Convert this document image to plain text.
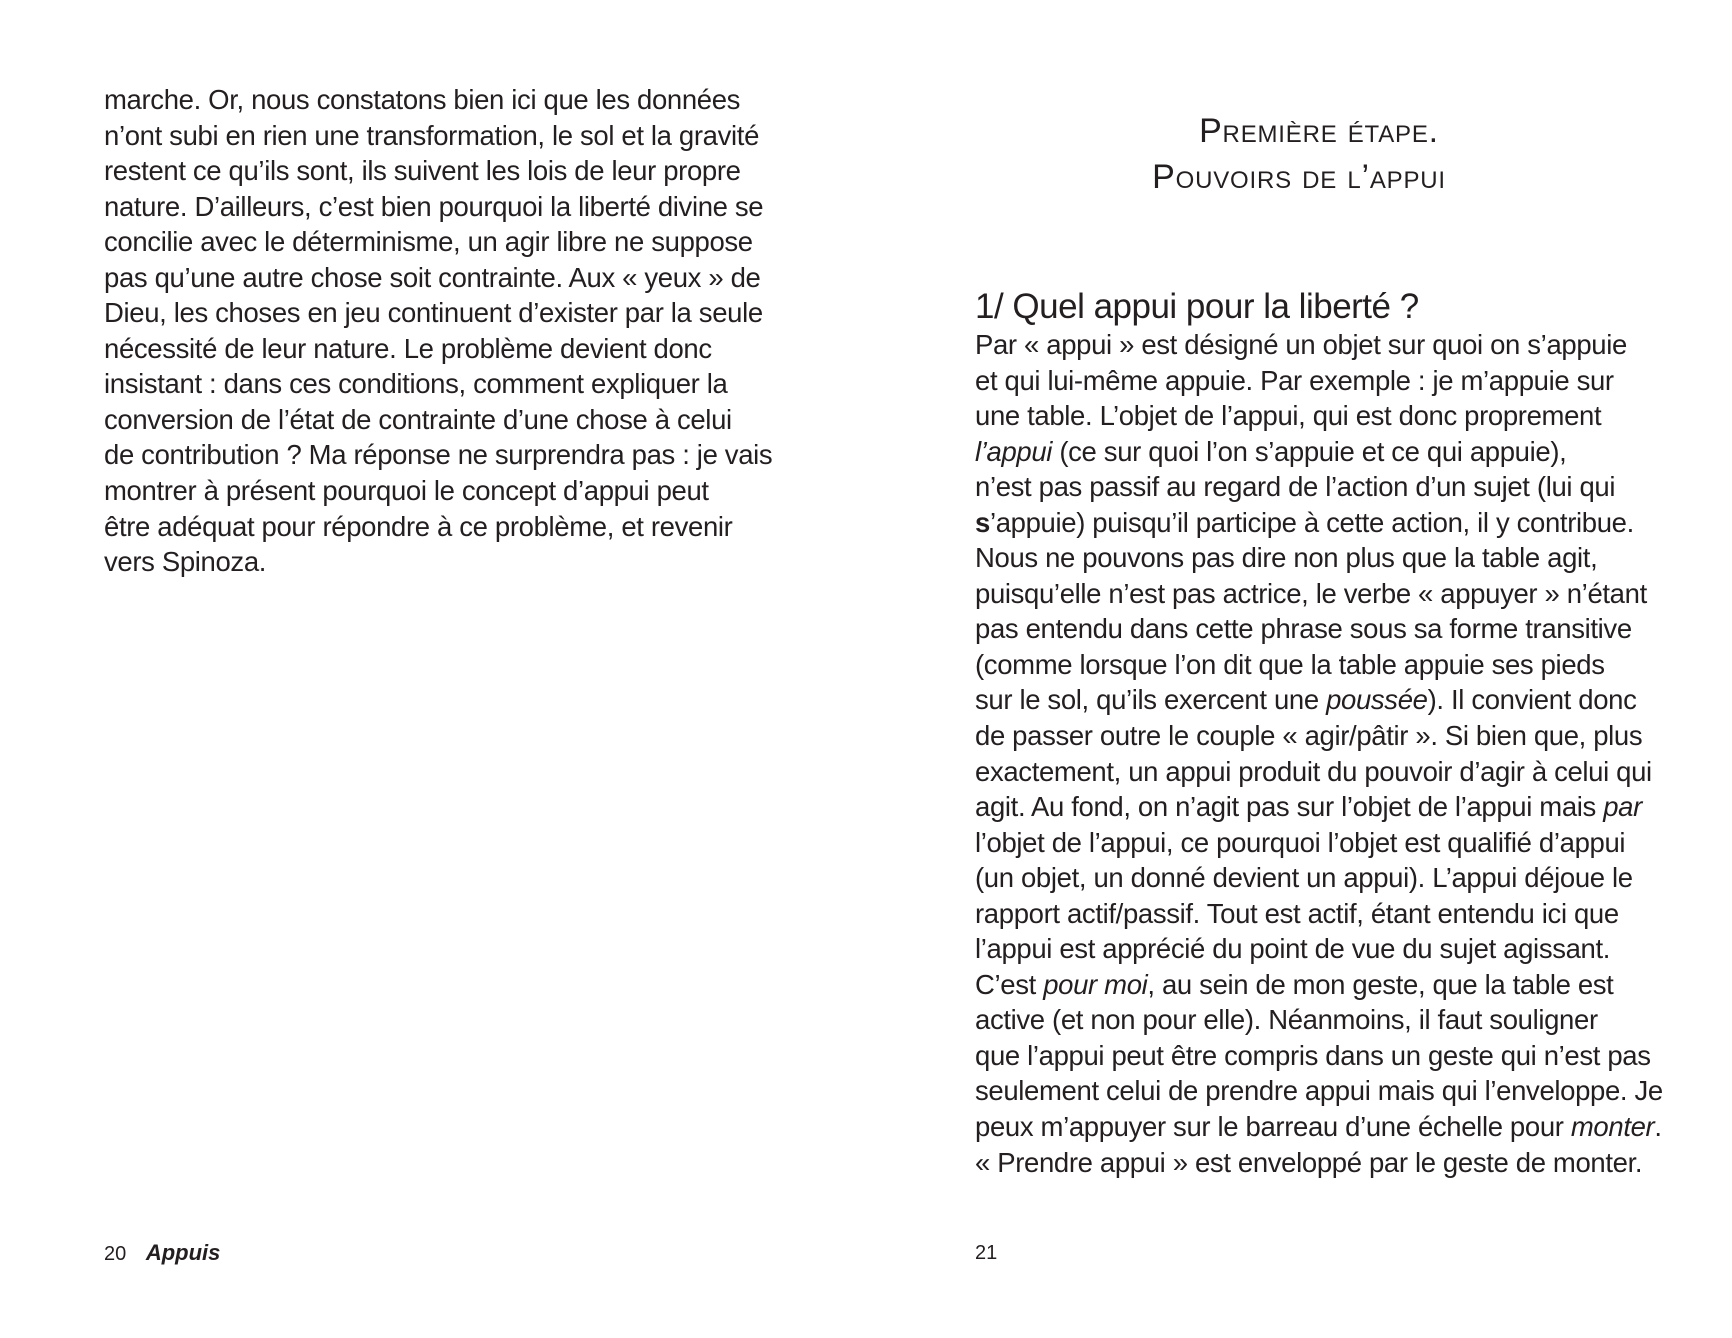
marche. Or, nous constatons bien ici que les données
n’ont subi en rien une transformation, le sol et la gravité
restent ce qu’ils sont, ils suivent les lois de leur propre
nature. D’ailleurs, c’est bien pourquoi la liberté divine se
concilie avec le déterminisme, un agir libre ne suppose
pas qu’une autre chose soit contrainte. Aux « yeux » de
Dieu, les choses en jeu continuent d’exister par la seule
nécessité de leur nature. Le problème devient donc
insistant : dans ces conditions, comment expliquer la
conversion de l’état de contrainte d’une chose à celui
de contribution ? Ma réponse ne surprendra pas : je vais
montrer à présent pourquoi le concept d’appui peut
être adéquat pour répondre à ce problème, et revenir
vers Spinoza.
20 Appuis
Première étape.
Pouvoirs de l’appui
1/ Quel appui pour la liberté ?
Par « appui » est désigné un objet sur quoi on s’appuie
et qui lui-même appuie. Par exemple : je m’appuie sur
une table. L’objet de l’appui, qui est donc proprement
l’appui (ce sur quoi l’on s’appuie et ce qui appuie),
n’est pas passif au regard de l’action d’un sujet (lui qui
s’appuie) puisqu’il participe à cette action, il y contribue.
Nous ne pouvons pas dire non plus que la table agit,
puisqu’elle n’est pas actrice, le verbe « appuyer » n’étant
pas entendu dans cette phrase sous sa forme transitive
(comme lorsque l’on dit que la table appuie ses pieds
sur le sol, qu’ils exercent une poussée). Il convient donc
de passer outre le couple « agir/pâtir ». Si bien que, plus
exactement, un appui produit du pouvoir d’agir à celui qui
agit. Au fond, on n’agit pas sur l’objet de l’appui mais par
l’objet de l’appui, ce pourquoi l’objet est qualifié d’appui
(un objet, un donné devient un appui). L’appui déjoue le
rapport actif/passif. Tout est actif, étant entendu ici que
l’appui est apprécié du point de vue du sujet agissant.
C’est pour moi, au sein de mon geste, que la table est
active (et non pour elle). Néanmoins, il faut souligner
que l’appui peut être compris dans un geste qui n’est pas
seulement celui de prendre appui mais qui l’enveloppe. Je
peux m’appuyer sur le barreau d’une échelle pour monter.
« Prendre appui » est enveloppé par le geste de monter.
21
